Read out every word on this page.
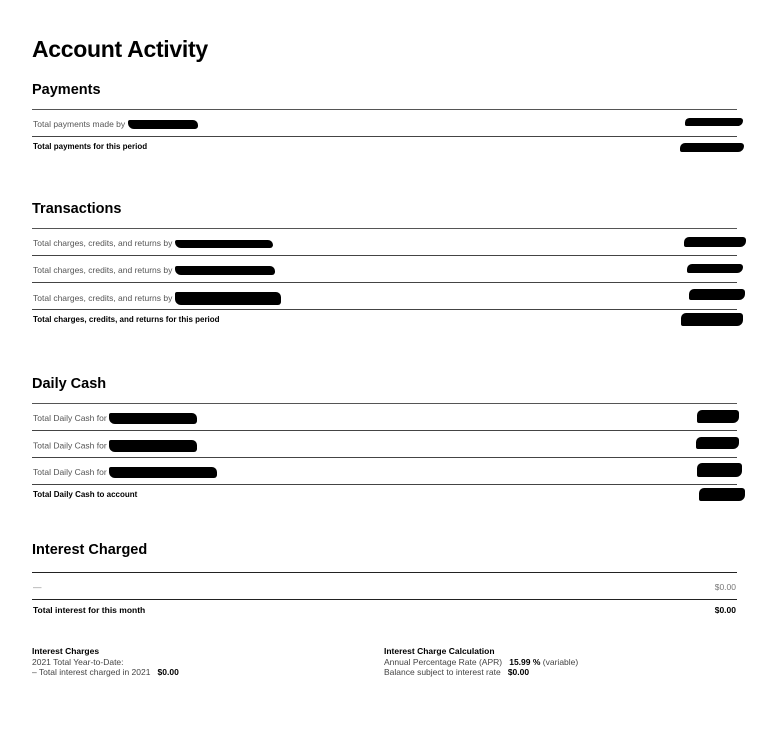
Account Activity
Payments
Total payments made by
Total payments for this period
Transactions
Total charges, credits, and returns by
Total charges, credits, and returns by
Total charges, credits, and returns by
Total charges, credits, and returns for this period
Daily Cash
Total Daily Cash for
Total Daily Cash for
Total Daily Cash for
Total Daily Cash to account
Interest Charged
—	$0.00
Total interest for this month	$0.00
Interest Charges
2021 Total Year-to-Date:
– Total interest charged in 2021 $0.00
Interest Charge Calculation
Annual Percentage Rate (APR) 15.99 % (variable)
Balance subject to interest rate $0.00
